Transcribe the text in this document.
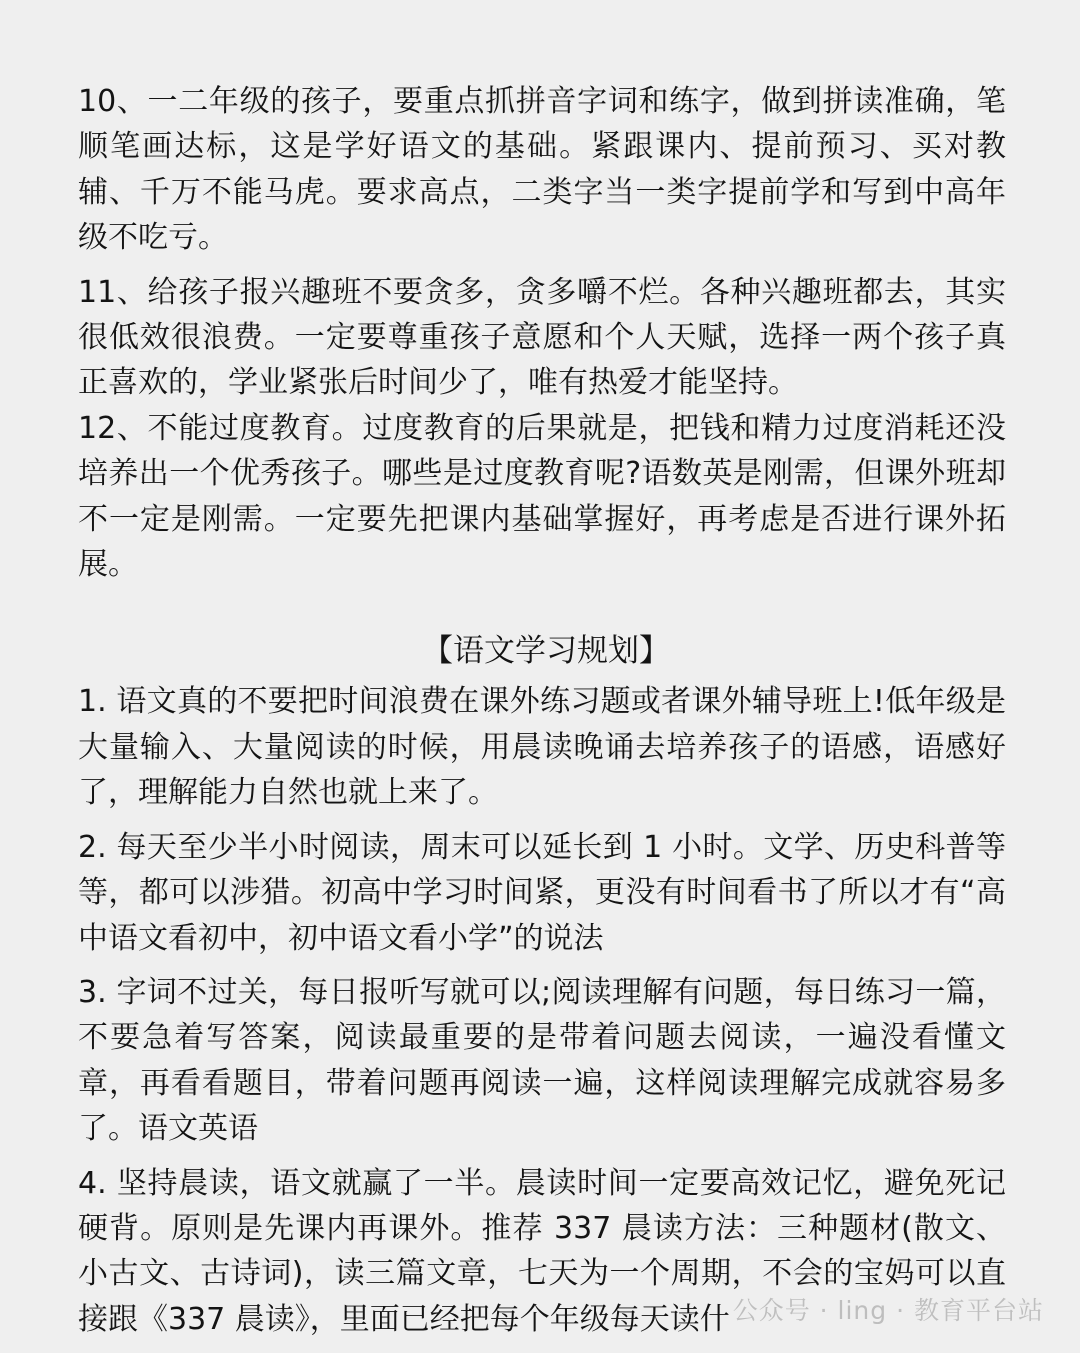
10、一二年级的孩子，要重点抓拼音字词和练字，做到拼读准确，笔顺笔画达标，这是学好语文的基础。紧跟课内、提前预习、买对教辅、千万不能马虎。要求高点，二类字当一类字提前学和写到中高年级不吃亏。

11、给孩子报兴趣班不要贪多，贪多嚼不烂。各种兴趣班都去，其实很低效很浪费。一定要尊重孩子意愿和个人天赋，选择一两个孩子真正喜欢的，学业紧张后时间少了，唯有热爱才能坚持。

12、不能过度教育。过度教育的后果就是，把钱和精力过度消耗还没培养出一个优秀孩子。哪些是过度教育呢?语数英是刚需，但课外班却不一定是刚需。一定要先把课内基础掌握好，再考虑是否进行课外拓展。

【语文学习规划】

1. 语文真的不要把时间浪费在课外练习题或者课外辅导班上!低年级是大量输入、大量阅读的时候，用晨读晚诵去培养孩子的语感，语感好了，理解能力自然也就上来了。

2. 每天至少半小时阅读，周末可以延长到 1 小时。文学、历史科普等等，都可以涉猎。初高中学习时间紧，更没有时间看书了所以才有“高中语文看初中，初中语文看小学”的说法

3. 字词不过关，每日报听写就可以;阅读理解有问题，每日练习一篇，不要急着写答案，阅读最重要的是带着问题去阅读，一遍没看懂文章，再看看题目，带着问题再阅读一遍，这样阅读理解完成就容易多了。语文英语

4. 坚持晨读，语文就赢了一半。晨读时间一定要高效记忆，避免死记硬背。原则是先课内再课外。推荐 337 晨读方法：三种题材(散文、小古文、古诗词)，读三篇文章，七天为一个周期，不会的宝妈可以直接跟《337 晨读》，里面已经把每个年级每天读什 公众号 · ling · 教育平台站
